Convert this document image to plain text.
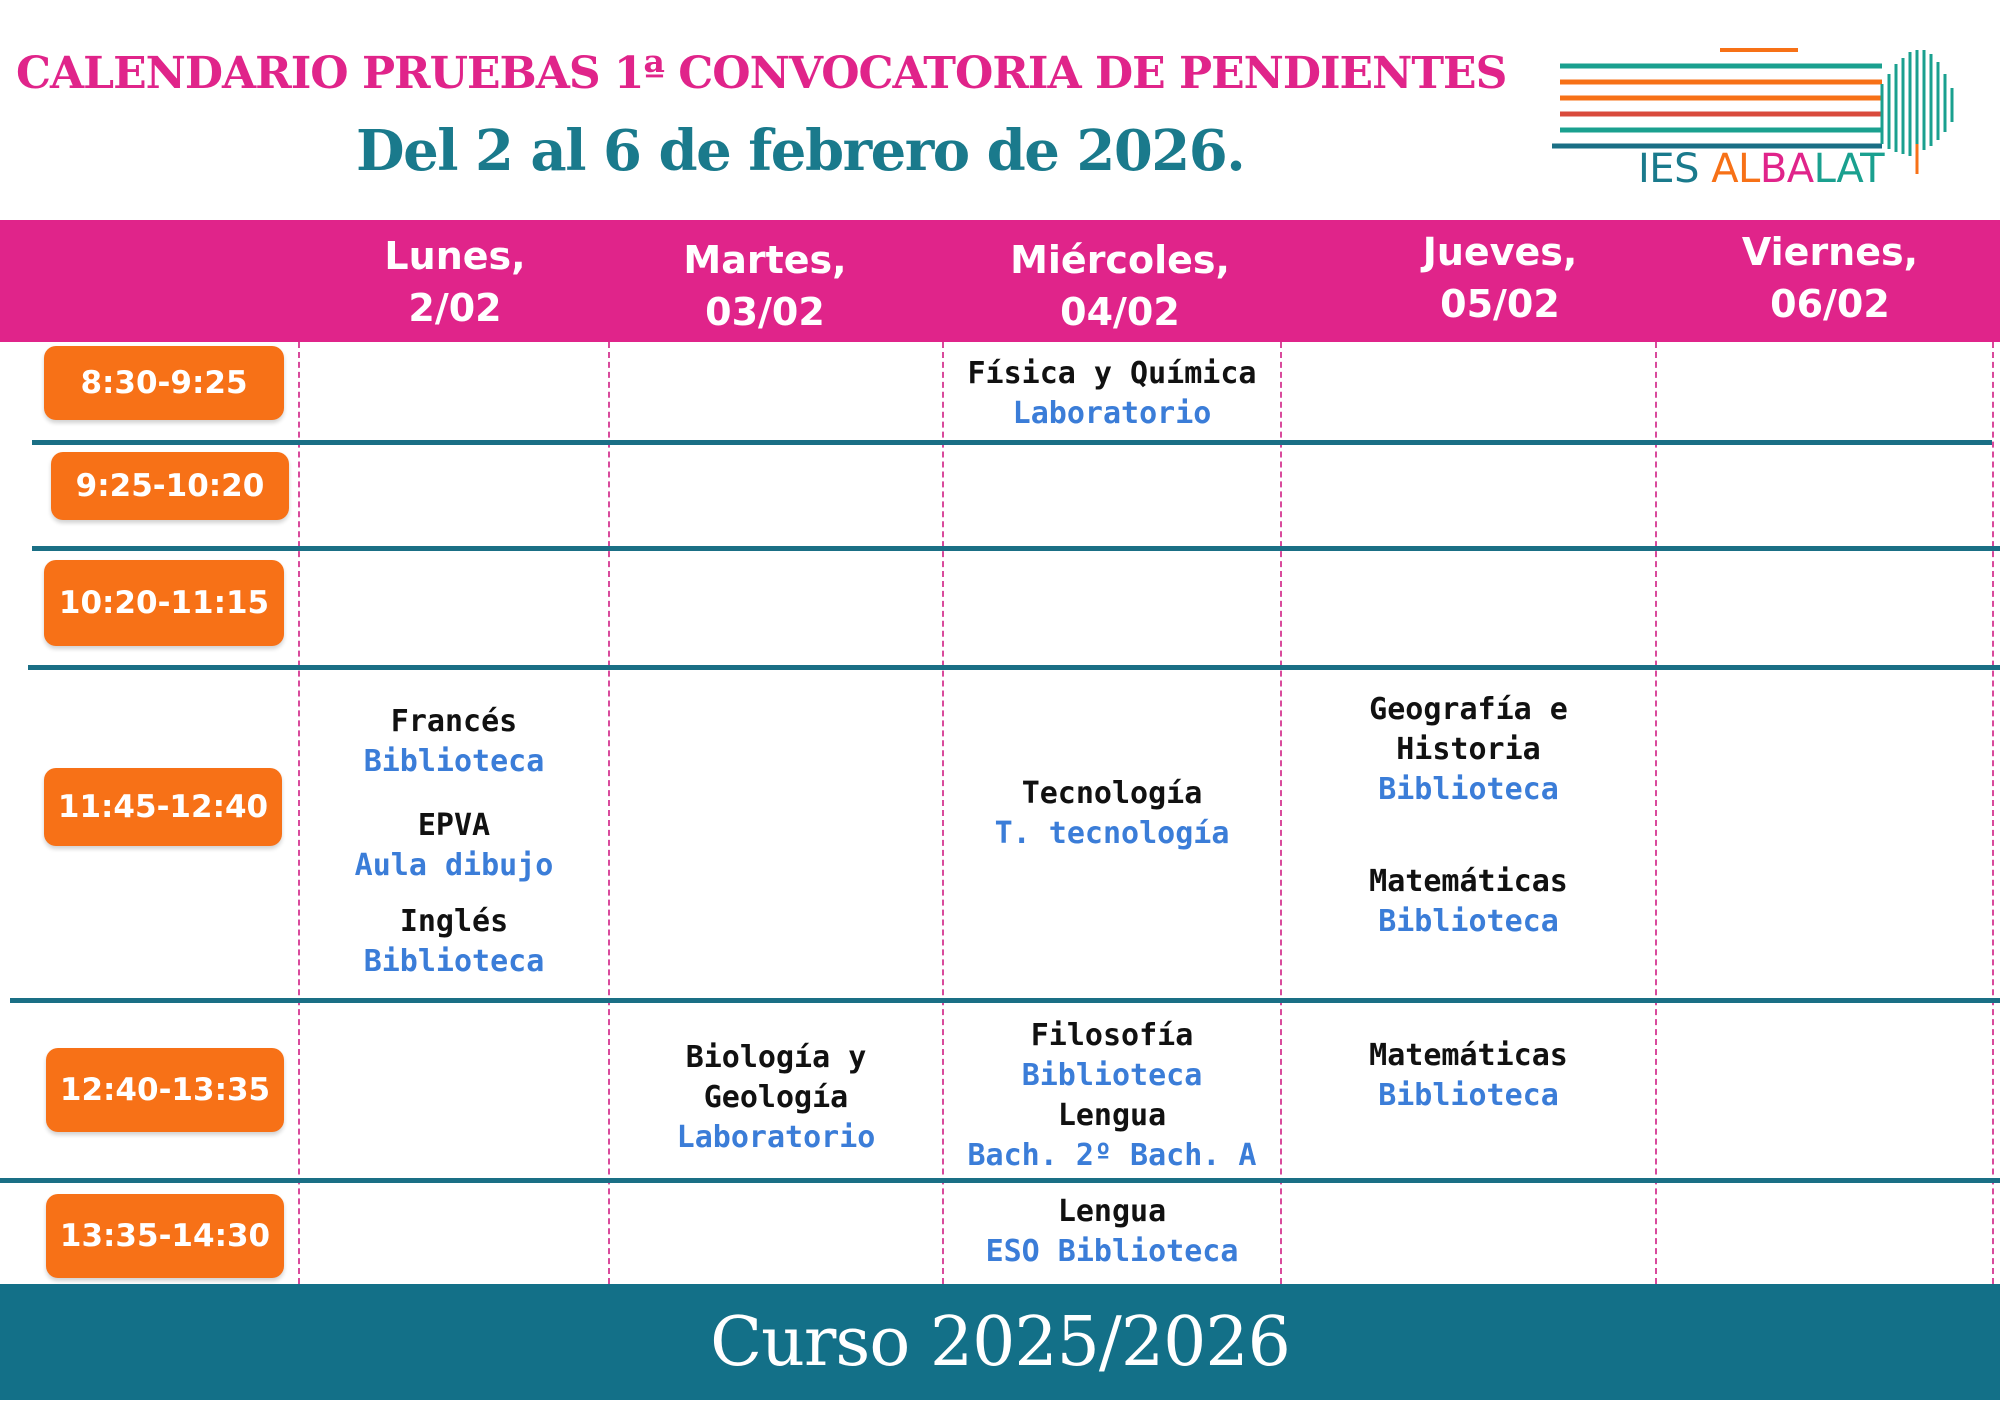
CALENDARIO PRUEBAS 1ª CONVOCATORIA DE PENDIENTES
Del 2 al 6 de febrero de 2026.	IES ALBALAT
Lunes,
2/02
Martes,
03/02
Miércoles,
04/02
Jueves,
05/02
Viernes,
06/02
8:30-9:25
9:25-10:20
10:20-11:15
11:45-12:40
12:40-13:35
13:35-14:30
Física y Química
Laboratorio
Francés
Biblioteca
EPVA
Aula dibujo
Inglés
Biblioteca
Tecnología
T. tecnología
Geografía e
Historia
Biblioteca
Matemáticas
Biblioteca
Biología y
Geología
Laboratorio
Filosofía
Biblioteca
Lengua
Bach. 2º Bach. A
Matemáticas
Biblioteca
Lengua
ESO Biblioteca
Curso 2025/2026
